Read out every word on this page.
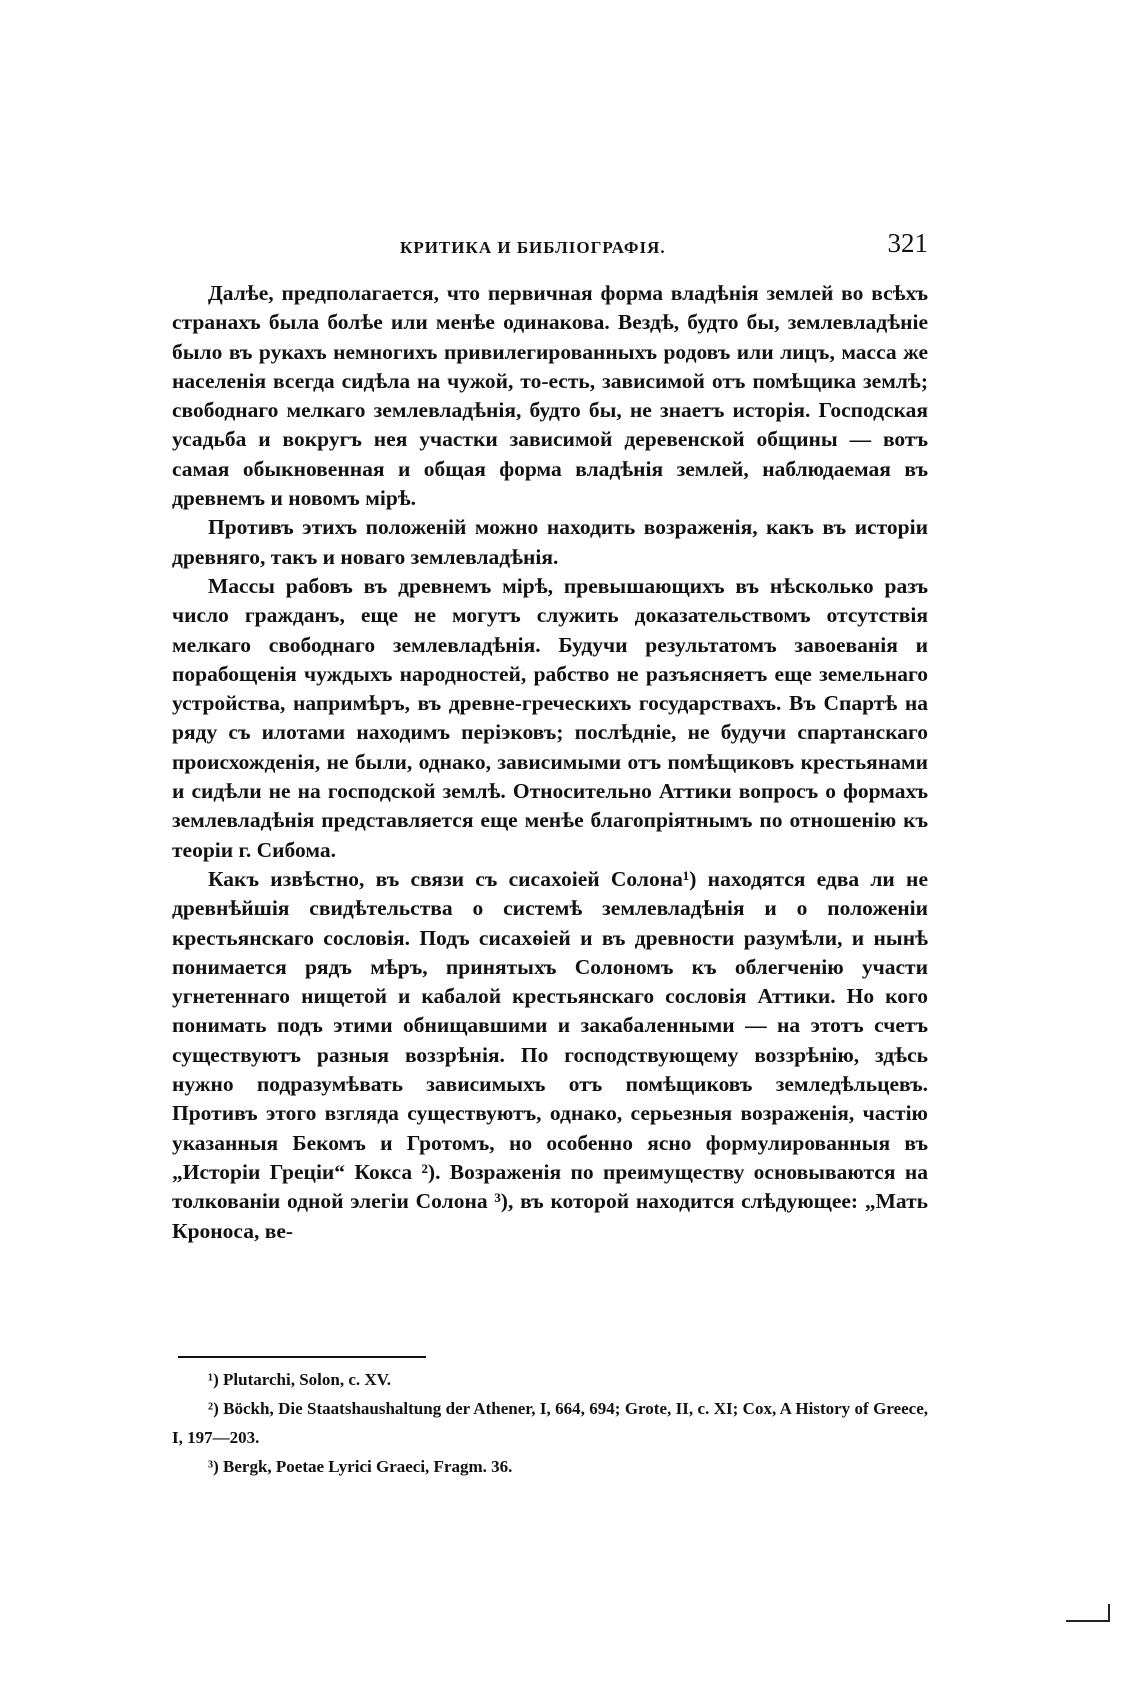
КРИТИКА И БИБЛIОГРАФIЯ.	321

Далѣе, предполагается, что первичная форма владѣнія землей во всѣхъ странахъ была болѣе или менѣе одинакова. Вездѣ, будто бы, землевладѣніе было въ рукахъ немногихъ привилегированныхъ родовъ или лицъ, масса же населенія всегда сидѣла на чужой, то-есть, зависимой отъ помѣщика землѣ; свободнаго мелкаго землевладѣнія, будто бы, не знаетъ исторія. Господская усадьба и вокругъ нея участки зависимой деревенской общины — вотъ самая обыкновенная и общая форма владѣнія землей, наблюдаемая въ древнемъ и новомъ мірѣ.

Противъ этихъ положеній можно находить возраженія, какъ въ исторіи древняго, такъ и новаго землевладѣнія.

Массы рабовъ въ древнемъ мірѣ, превышающихъ въ нѣсколько разъ число гражданъ, еще не могутъ служить доказательствомъ отсутствія мелкаго свободнаго землевладѣнія. Будучи результатомъ завоеванія и порабощенія чуждыхъ народностей, рабство не разъясняетъ еще земельнаго устройства, напримѣръ, въ древне-греческихъ государствахъ. Въ Спартѣ на ряду съ илотами находимъ періэковъ; послѣдніе, не будучи спартанскаго происхожденія, не были, однако, зависимыми отъ помѣщиковъ крестьянами и сидѣли не на господской землѣ. Относительно Аттики вопросъ о формахъ землевладѣнія представляется еще менѣе благопріятнымъ по отношенію къ теоріи г. Сибома.

Какъ извѣстно, въ связи съ сисахоіей Солона¹) находятся едва ли не древнѣйшія свидѣтельства о системѣ землевладѣнія и о положеніи крестьянскаго сословія. Подъ сисахѳіей и въ древности разумѣли, и нынѣ понимается рядъ мѣръ, принятыхъ Солономъ къ облегченію участи угнетеннаго нищетой и кабалой крестьянскаго сословія Аттики. Но кого понимать подъ этими обнищавшими и закабаленными — на этотъ счетъ существуютъ разныя воззрѣнія. По господствующему воззрѣнію, здѣсь нужно подразумѣвать зависимыхъ отъ помѣщиковъ земледѣльцевъ. Противъ этого взгляда существуютъ, однако, серьезныя возраженія, частію указанныя Бекомъ и Гротомъ, но особенно ясно формулированныя въ „Исторіи Греціи“ Кокса ²). Возраженія по преимуществу основываются на толкованіи одной элегіи Солона ³), въ которой находится слѣдующее: „Мать Кроноса, ве-

¹) Plutarchi, Solon, c. XV.

²) Böckh, Die Staatshaushaltung der Athener, I, 664, 694; Grote, II, c. XI; Cox, A History of Greece, I, 197—203.

³) Bergk, Poetae Lyrici Graeci, Fragm. 36.
